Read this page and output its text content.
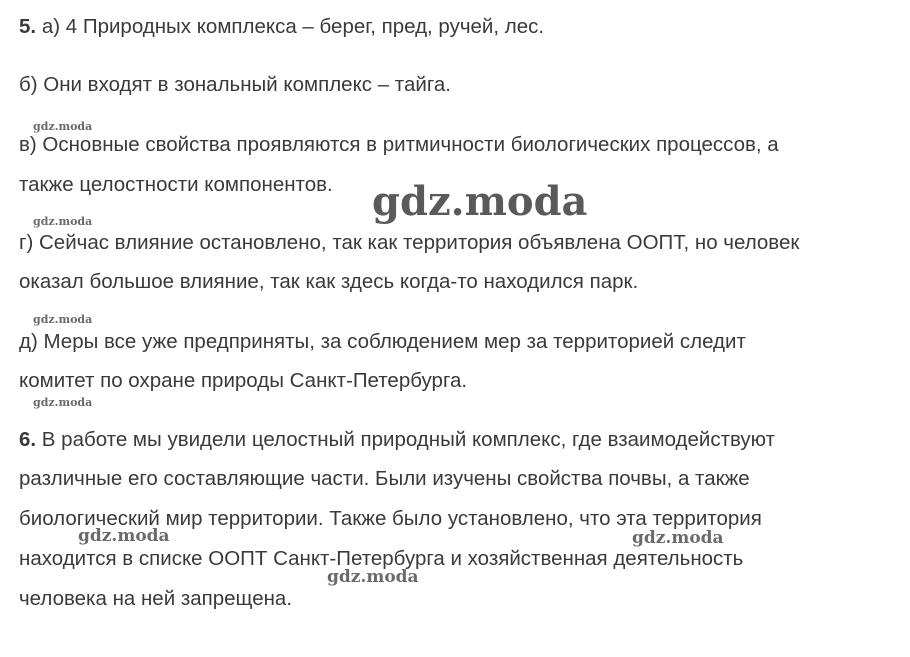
5. а) 4 Природных комплекса – берег, пред, ручей, лес.
б) Они входят в зональный комплекс – тайга.
gdz.moda
в) Основные свойства проявляются в ритмичности биологических процессов, а
также целостности компонентов. gdz.moda
gdz.moda
г) Сейчас влияние остановлено, так как территория объявлена ООПТ, но человек
оказал большое влияние, так как здесь когда-то находился парк.
gdz.moda
д) Меры все уже предприняты, за соблюдением мер за территорией следит
комитет по охране природы Санкт-Петербурга.
gdz.moda
6. В работе мы увидели целостный природный комплекс, где взаимодействуют
различные его составляющие части. Были изучены свойства почвы, а также
биологический мир территории. Также было установлено, что эта территория
gdz.moda	gdz.moda
находится в списке ООПТ Санкт-Петербурга и хозяйственная деятельность
gdz.moda
человека на ней запрещена.
